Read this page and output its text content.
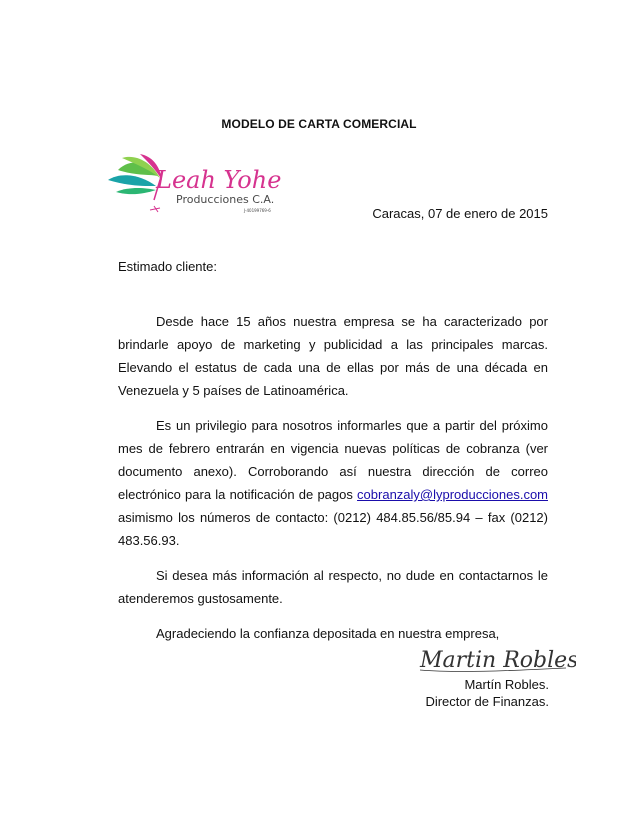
MODELO DE CARTA COMERCIAL
Leah Yohe
Producciones C.A.
J-40199769-6	Caracas, 07 de enero de 2015
Estimado cliente:

Desde hace 15 años nuestra empresa se ha caracterizado por brindarle apoyo de marketing y publicidad a las principales marcas. Elevando el estatus de cada una de ellas por más de una década en Venezuela y 5 países de Latinoamérica.

Es un privilegio para nosotros informarles que a partir del próximo mes de febrero entrarán en vigencia nuevas políticas de cobranza (ver documento anexo). Corroborando así nuestra dirección de correo electrónico para la notificación de pagos cobranzaly@lyproducciones.com asimismo los números de contacto: (0212) 484.85.56/85.94 – fax (0212) 483.56.93.

Si desea más información al respecto, no dude en contactarnos le atenderemos gustosamente.

Agradeciendo la confianza depositada en nuestra empresa,

Martin Robles
Martín Robles.
Director de Finanzas.
